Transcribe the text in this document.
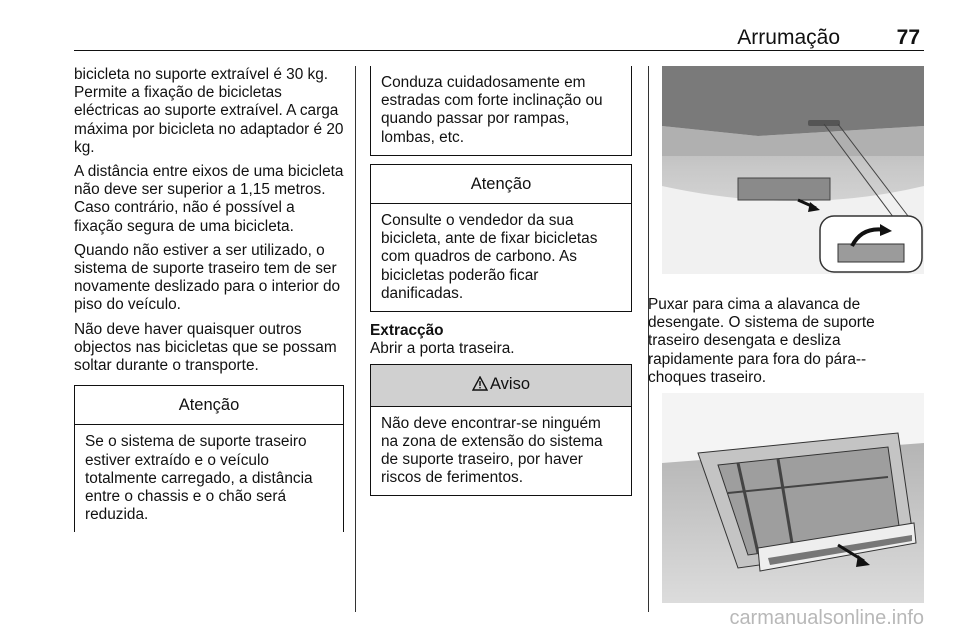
Arrumação	77

bicicleta no suporte extraível é 30 kg. Permite a fixação de bicicletas eléctricas ao suporte extraível. A carga máxima por bicicleta no adaptador é 20 kg.

A distância entre eixos de uma bicicleta não deve ser superior a 1,15 metros. Caso contrário, não é possível a fixação segura de uma bicicleta.

Quando não estiver a ser utilizado, o sistema de suporte traseiro tem de ser novamente deslizado para o interior do piso do veículo.

Não deve haver quaisquer outros objectos nas bicicletas que se possam soltar durante o transporte.

Atenção
Se o sistema de suporte traseiro estiver extraído e o veículo totalmente carregado, a distância entre o chassis e o chão será reduzida.
Conduza cuidadosamente em estradas com forte inclinação ou quando passar por rampas, lombas, etc.
Atenção
Consulte o vendedor da sua bicicleta, ante de fixar bicicletas com quadros de carbono. As bicicletas poderão ficar danificadas.

Extracção

Abrir a porta traseira.

Aviso
Não deve encontrar-se ninguém na zona de extensão do sistema de suporte traseiro, por haver riscos de ferimentos.

Puxar para cima a alavanca de desengate. O sistema de suporte traseiro desengata e desliza rapidamente para fora do pára--choques traseiro.

carmanualsonline.info
